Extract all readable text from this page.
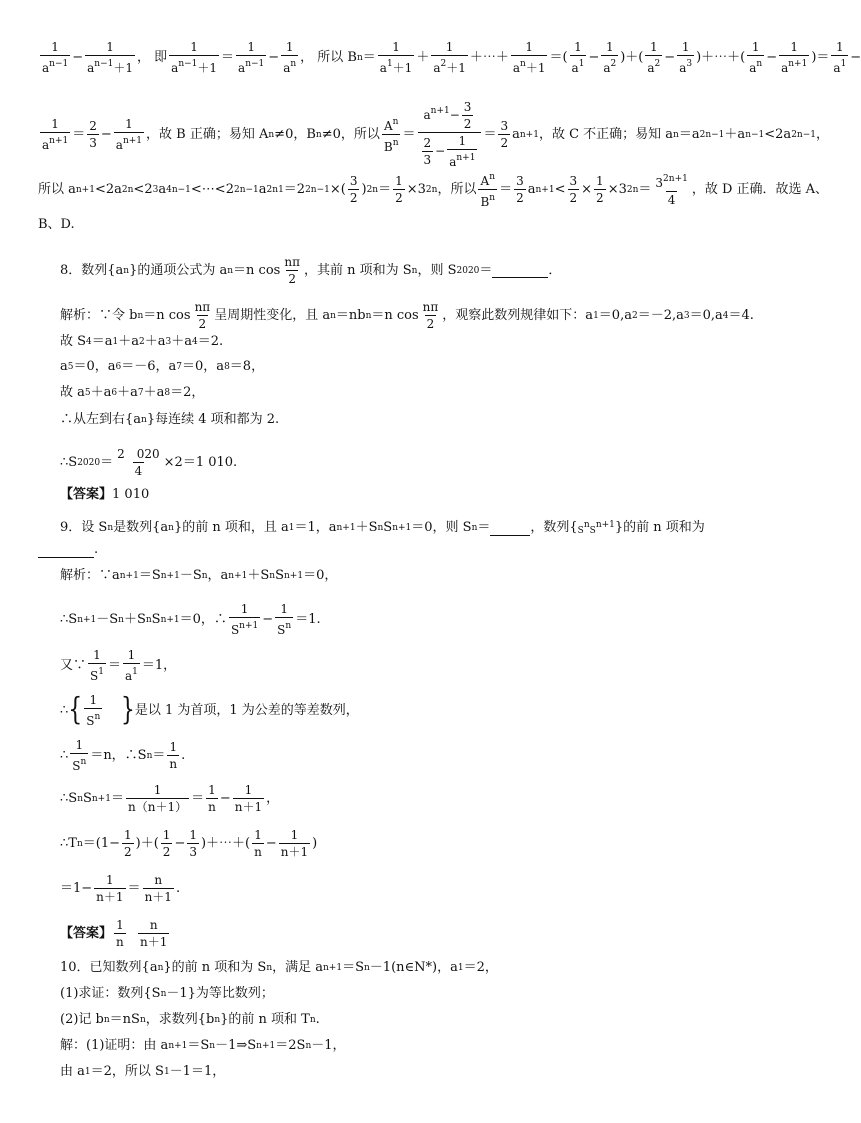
$\frac{1}{a^{n-1}} - \frac{1}{a^{n-1}+1}$ ， 即 $\frac{1}{a^{n-1}+1} = \frac{1}{a^{n-1}} - \frac{1}{a^n}$ ， 所以 B $n = \frac{1}{a^1+1} + \frac{1}{a^2+1}$ ＋⋯＋ $\frac{1}{a^n+1}$ ＝( $\frac{1}{a^1} - \frac{1}{a^2}$ )＋( $\frac{1}{a^2} - \frac{1}{a^3}$ )＋⋯＋( $\frac{1}{a^n} - \frac{1}{a^{n+1}}$ )＝ $\frac{1}{a^1}$ −
$\frac{1}{a^{n+1}} = \frac{2}{3} - \frac{1}{a^{n+1}}$ ，故 B 正确；易知 A n ≠0，B n ≠0，所以 $\frac{A^n}{B^n} = \frac{a^{n+1}- \frac{3}{2}}{\frac{2}{3} - \frac{1}{a^{n+1}}} = \frac{3}{2}$ a n+1 ，故 C 不正确；易知 a n ＝a 2 n−1 ＋a n−1 <2a 2 n−1 ，
所以 a n+1 <2a 2 n <2 3 a 4 n−1 <⋯<2 2n−1 a 2n 1 ＝2 2n−1 ×( $\frac{3}{2}$ ) $2n = \frac{1}{2} \times 3$ 2n ，所以 $\frac{A^n}{B^n} = \frac{3}{2}$ a $n+1 < \frac{3}{2} \times \frac{1}{2} \times 3$ $2n = \frac{3^{2n+1}}{4}$ ，故 D 正确．故选 A、
B、D.
8．数列{a n }的通项公式为 a n ＝n $\cos \frac{n\pi}{2}$ ，其前 n 项和为 S n ，则 S 2020 ＝	．
解析：∵令 b n ＝n $\cos \frac{n\pi}{2}$ 呈周期性变化，且 a n ＝nb n ＝n $\cos \frac{n\pi}{2}$ ，观察此数列规律如下：a 1 ＝0,a 2 ＝－2,a 3 ＝0,a 4 ＝4.
故 S 4 ＝a 1 ＋a 2 ＋a 3 ＋a 4 ＝2.
a 5 ＝0，a 6 ＝－6，a 7 ＝0，a 8 ＝8，
故 a 5 ＋a 6 ＋a 7 ＋a 8 ＝2，
∴从左到右{a n }每连续 4 项和都为 2.
∴S $2020 = \frac{2 020}{4} \times 2=1$ 010.
【答案】 1 010
9．设 S n 是数列{a n }的前 n 项和，且 a 1 ＝1，a n+1 ＋S n S n+1 ＝0，则 S n ＝	，数列{ SnSn+1 }的前 n 项和为
.
解析：∵a n+1 ＝S n+1 －S n ，a n+1 ＋S n S n+1 ＝0，
∴S n+1 －S n ＋S n S n+1 ＝0，∴ $\frac{1}{S^{n+1}} - \frac{1}{S^n} =1$.
又∵ $\frac{1}{S^1} = \frac{1}{a^1} =1$，
∴ { $\frac{1}{S^n}$
} 是以 1 为首项，1 为公差的等差数列，
∴ $\frac{1}{S^n} =n$，∴S $n = \frac{1}{n}$ .
∴S n S $n+1 = \frac{1}{n(n+1)} = \frac{1}{n} - \frac{1}{n+1}$ ，
∴T $n =(1- \frac{1}{2}$ )＋( $\frac{1}{2} - \frac{1}{3}$ )＋⋯＋( $\frac{1}{n} - \frac{1}{n+1}$ )
$=1- \frac{1}{n+1} = \frac{n}{n+1}$ .
【答案】 $\frac{1}{n}$
$\frac{n}{n+1}$
10．已知数列{a n }的前 n 项和为 S n ，满足 a n+1 ＝S n －1(n∈N*)，a 1 ＝2，
(1)求证：数列{S n －1}为等比数列；
(2)记 b n ＝nS n ，求数列{b n }的前 n 项和 T n .
解：(1)证明：由 a n+1 ＝S n －1⇒S n+1 ＝2S n －1，
由 a 1 ＝2，所以 S 1 －1＝1，
